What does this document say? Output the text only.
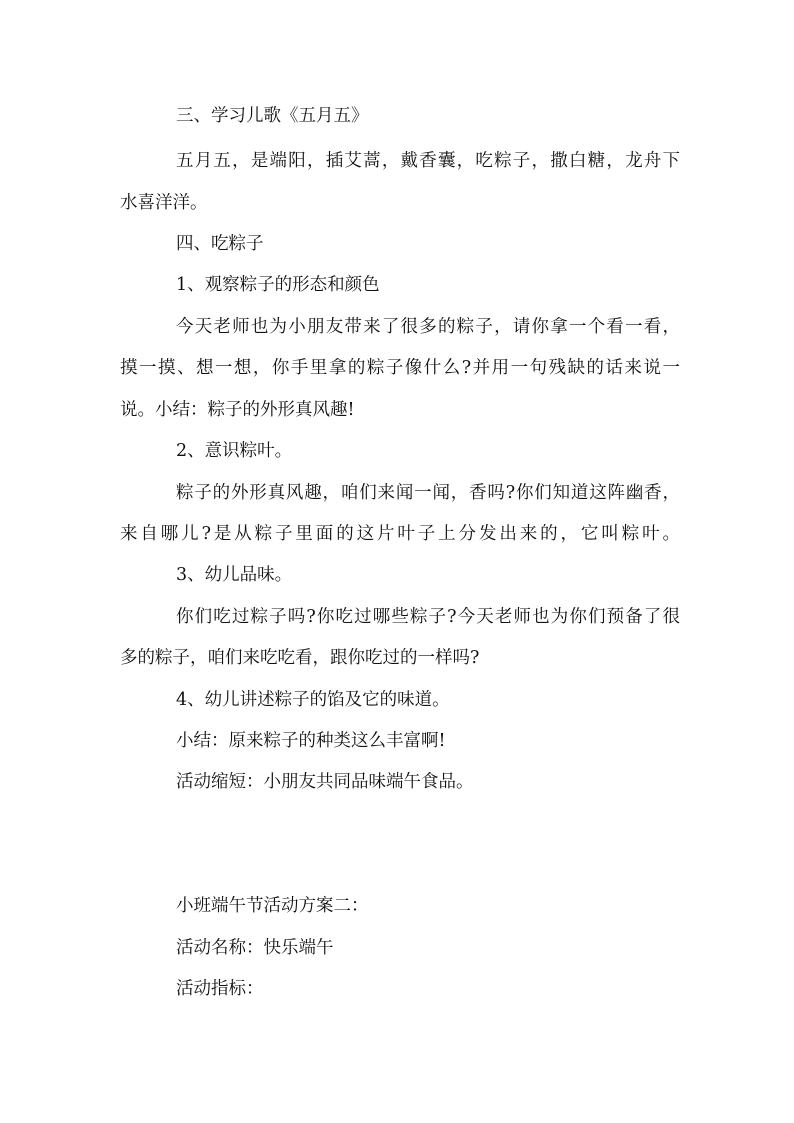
三、学习儿歌《五月五》
五月五，是端阳，插艾蒿，戴香囊，吃粽子，撒白糖，龙舟下
水喜洋洋。
四、吃粽子
1、观察粽子的形态和颜色
今天老师也为小朋友带来了很多的粽子，请你拿一个看一看，
摸一摸、想一想，你手里拿的粽子像什么?并用一句残缺的话来说一
说。小结：粽子的外形真风趣!
2、意识粽叶。
粽子的外形真风趣，咱们来闻一闻，香吗?你们知道这阵幽香，
来自哪儿?是从粽子里面的这片叶子上分发出来的，它叫粽叶。
3、幼儿品味。
你们吃过粽子吗?你吃过哪些粽子?今天老师也为你们预备了很
多的粽子，咱们来吃吃看，跟你吃过的一样吗?
4、幼儿讲述粽子的馅及它的味道。
小结：原来粽子的种类这么丰富啊!
活动缩短：小朋友共同品味端午食品。
小班端午节活动方案二：
活动名称：快乐端午
活动指标：
